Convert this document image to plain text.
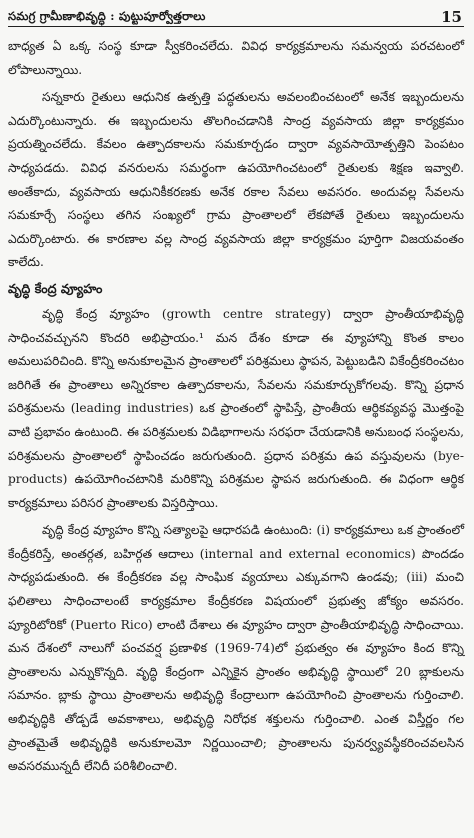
సమగ్ర గ్రామీణాభివృద్ధి : పుట్టుపూర్వోత్తరాలు	15

బాధ్యత ఏ ఒక్క సంస్థ కూడా స్వీకరించలేదు. వివిధ కార్యక్రమాలను సమన్వయ పరచటంలో లోపాలున్నాయి.

సన్నకారు రైతులు ఆధునిక ఉత్పత్తి పద్ధతులను అవలంబించటంలో అనేక ఇబ్బందులను ఎదుర్కొంటున్నారు. ఈ ఇబ్బందులను తొలగించడానికి సాంద్ర వ్యవసాయ జిల్లా కార్యక్రమం ప్రయత్నించలేదు. కేవలం ఉత్పాదకాలను సమకూర్చడం ద్వారా వ్యవసాయోత్పత్తిని పెంపటం సాధ్యపడదు. వివిధ వనరులను సమర్థంగా ఉపయోగించటంలో రైతులకు శిక్షణ ఇవ్వాలి. అంతేకాదు, వ్యవసాయ ఆధునికీకరణకు అనేక రకాల సేవలు అవసరం. అందువల్ల సేవలను సమకూర్చే సంస్థలు తగిన సంఖ్యలో గ్రామ ప్రాంతాలలో లేకపోతే రైతులు ఇబ్బందులను ఎదుర్కొంటారు. ఈ కారణాల వల్ల సాంద్ర వ్యవసాయ జిల్లా కార్యక్రమం పూర్తిగా విజయవంతం కాలేదు.

వృద్ధి కేంద్ర వ్యూహం

వృద్ధి కేంద్ర వ్యూహం (growth centre strategy) ద్వారా ప్రాంతీయాభివృద్ధి సాధించవచ్చునని కొందరి అభిప్రాయం.¹ మన దేశం కూడా ఈ వ్యూహాన్ని కొంత కాలం అమలుపరిచింది. కొన్ని అనుకూలమైన ప్రాంతాలలో పరిశ్రమలు స్థాపన, పెట్టుబడిని వికేంద్రీకరించటం జరిగితే ఈ ప్రాంతాలు అన్నిరకాల ఉత్పాదకాలను, సేవలను సమకూర్చుకోగలవు. కొన్ని ప్రధాన పరిశ్రమలను (leading industries) ఒక ప్రాంతంలో స్థాపిస్తే, ప్రాంతీయ ఆర్థికవ్యవస్థ మొత్తంపై వాటి ప్రభావం ఉంటుంది. ఈ పరిశ్రమలకు విడిభాగాలను సరఫరా చేయడానికి అనుబంధ సంస్థలను, పరిశ్రమలను ప్రాంతాలలో స్థాపించడం జరుగుతుంది. ప్రధాన పరిశ్రమ ఉప వస్తువులను (bye-products) ఉపయోగించటానికి మరికొన్ని పరిశ్రమల స్థాపన జరుగుతుంది. ఈ విధంగా ఆర్థిక కార్యక్రమాలు పరిసర ప్రాంతాలకు విస్తరిస్తాయి.

వృద్ధి కేంద్ర వ్యూహం కొన్ని సత్యాలపై ఆధారపడి ఉంటుంది: (i) కార్యక్రమాలు ఒక ప్రాంతంలో కేంద్రీకరిస్తే, అంతర్గత, బహిర్గత ఆదాలు (internal and external economics) పొందడం సాధ్యపడుతుంది. ఈ కేంద్రీకరణ వల్ల సాంఘిక వ్యయాలు ఎక్కువగాని ఉండవు; (iii) మంచి ఫలితాలు సాధించాలంటే కార్యక్రమాల కేంద్రీకరణ విషయంలో ప్రభుత్వ జోక్యం అవసరం. ప్యూరిటోరికో (Puerto Rico) లాంటి దేశాలు ఈ వ్యూహం ద్వారా ప్రాంతీయాభివృద్ధి సాధించాయి. మన దేశంలో నాలుగో పంచవర్ష ప్రణాళిక (1969-74)లో ప్రభుత్వం ఈ వ్యూహం కింద కొన్ని ప్రాంతాలను ఎన్నుకొన్నది. వృద్ధి కేంద్రంగా ఎన్నికైన ప్రాంతం అభివృద్ధి స్థాయిలో 20 బ్లాకులను సమానం. బ్లాకు స్థాయి ప్రాంతాలను అభివృద్ధి కేంద్రాలుగా ఉపయోగించి ప్రాంతాలను గుర్తించాలి. అభివృద్ధికి తోడ్పడే అవకాశాలు, అభివృద్ధి నిరోధక శక్తులను గుర్తించాలి. ఎంత విస్తీర్ణం గల ప్రాంతమైతే అభివృద్ధికి అనుకూలమో నిర్ణయించాలి; ప్రాంతాలను పునర్వ్యవస్థీకరించవలసిన అవసరమున్నదీ లేనిదీ పరిశీలించాలి.
